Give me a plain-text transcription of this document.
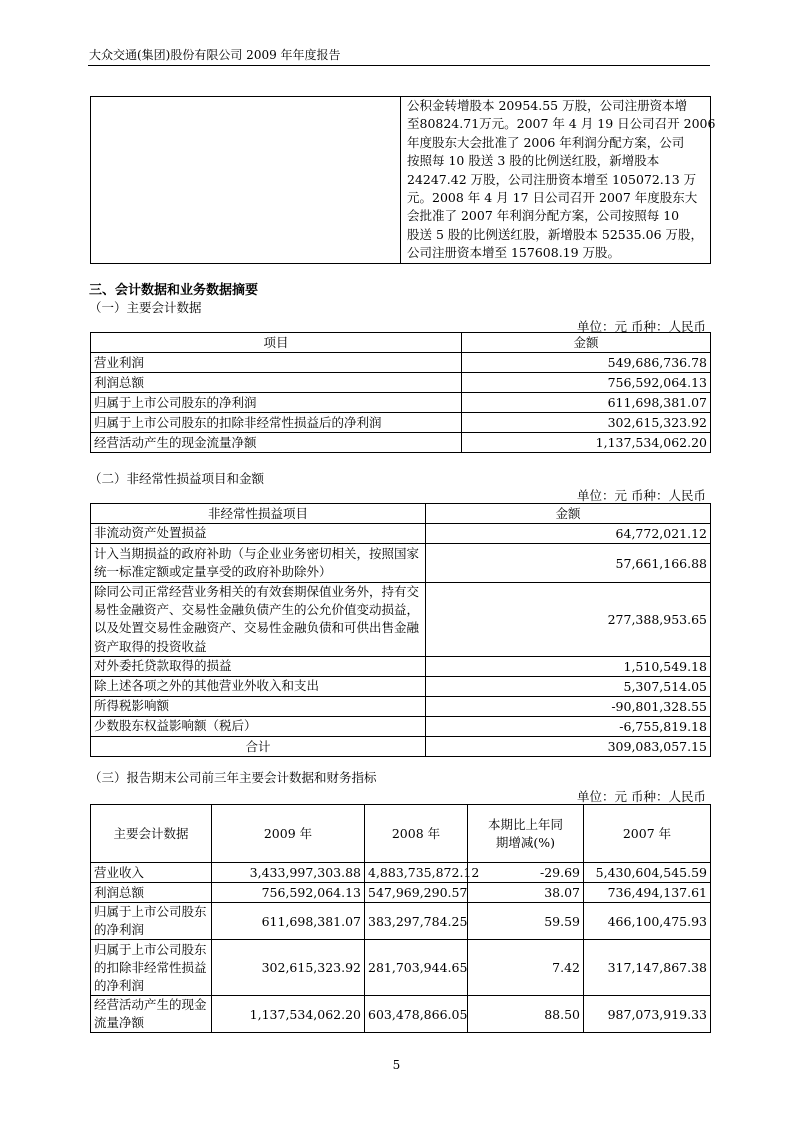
大众交通(集团)股份有限公司 2009 年年度报告

公积金转增股本 20954.55 万股，公司注册资本增
至80824.71万元。2007 年 4 月 19 日公司召开 2006
年度股东大会批准了 2006 年利润分配方案，公司
按照每 10 股送 3 股的比例送红股，新增股本
24247.42 万股，公司注册资本增至 105072.13 万
元。2008 年 4 月 17 日公司召开 2007 年度股东大
会批准了 2007 年利润分配方案，公司按照每 10
股送 5 股的比例送红股，新增股本 52535.06 万股，
公司注册资本增至 157608.19 万股。
三、会计数据和业务数据摘要
（一）主要会计数据
单位：元 币种：人民币
项目	金额
营业利润	549,686,736.78
利润总额	756,592,064.13
归属于上市公司股东的净利润	611,698,381.07
归属于上市公司股东的扣除非经常性损益后的净利润	302,615,323.92
经营活动产生的现金流量净额	1,137,534,062.20
（二）非经常性损益项目和金额
单位：元 币种：人民币
非经常性损益项目	金额
非流动资产处置损益	64,772,021.12
计入当期损益的政府补助（与企业业务密切相关，按照国家统一标准定额或定量享受的政府补助除外）	57,661,166.88
除同公司正常经营业务相关的有效套期保值业务外，持有交易性金融资产、交易性金融负债产生的公允价值变动损益，以及处置交易性金融资产、交易性金融负债和可供出售金融资产取得的投资收益	277,388,953.65
对外委托贷款取得的损益	1,510,549.18
除上述各项之外的其他营业外收入和支出	5,307,514.05
所得税影响额	-90,801,328.55
少数股东权益影响额（税后）	-6,755,819.18
合计	309,083,057.15
（三）报告期末公司前三年主要会计数据和财务指标
单位：元 币种：人民币
主要会计数据	2009 年	2008 年	本期比上年同期增减(%)	2007 年
营业收入	3,433,997,303.88	4,883,735,872.12	-29.69	5,430,604,545.59
利润总额	756,592,064.13	547,969,290.57	38.07	736,494,137.61
归属于上市公司股东的净利润	611,698,381.07	383,297,784.25	59.59	466,100,475.93
归属于上市公司股东的扣除非经常性损益的净利润	302,615,323.92	281,703,944.65	7.42	317,147,867.38
经营活动产生的现金流量净额	1,137,534,062.20	603,478,866.05	88.50	987,073,919.33
5
